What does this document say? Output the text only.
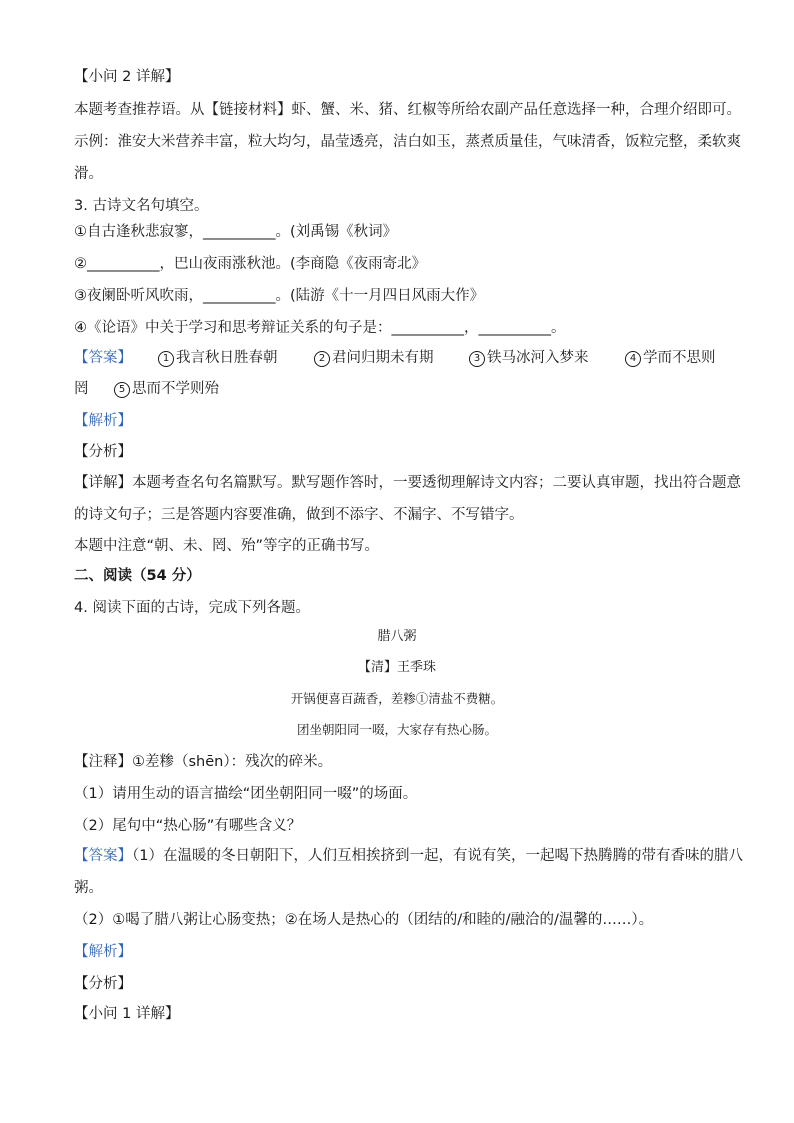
【小问 2 详解】
本题考查推荐语。从【链接材料】虾、蟹、米、猪、红椒等所给农副产品任意选择一种，合理介绍即可。
示例：淮安大米营养丰富，粒大均匀，晶莹透亮，洁白如玉，蒸煮质量佳，气味清香，饭粒完整，柔软爽
滑。
3. 古诗文名句填空。
①自古逢秋悲寂寥，__________。(刘禹锡《秋词》
②__________，巴山夜雨涨秋池。(李商隐《夜雨寄北》
③夜阑卧听风吹雨，__________。(陆游《十一月四日风雨大作》
④《论语》中关于学习和思考辩证关系的句子是：__________，__________。
【答案】	1 我言秋日胜春朝	2 君问归期未有期	3 铁马冰河入梦来	4 学而不思则
罔	5 思而不学则殆
【解析】
【分析】
【详解】本题考查名句名篇默写。默写题作答时，一要透彻理解诗文内容；二要认真审题，找出符合题意
的诗文句子；三是答题内容要准确，做到不添字、不漏字、不写错字。
本题中注意“朝、未、罔、殆”等字的正确书写。
二、阅读（54 分）
4. 阅读下面的古诗，完成下列各题。
腊八粥
【清】王季珠
开锅便喜百蔬香，差糁①清盐不费糖。
团坐朝阳同一啜，大家存有热心肠。
【注释】①差糁（shēn）：残次的碎米。
（1）请用生动的语言描绘“团坐朝阳同一啜”的场面。
（2）尾句中“热心肠”有哪些含义？
【答案】（1）在温暖的冬日朝阳下，人们互相挨挤到一起，有说有笑，一起喝下热腾腾的带有香味的腊八
粥。
（2）①喝了腊八粥让心肠变热；②在场人是热心的（团结的/和睦的/融洽的/温馨的……）。
【解析】
【分析】
【小问 1 详解】
